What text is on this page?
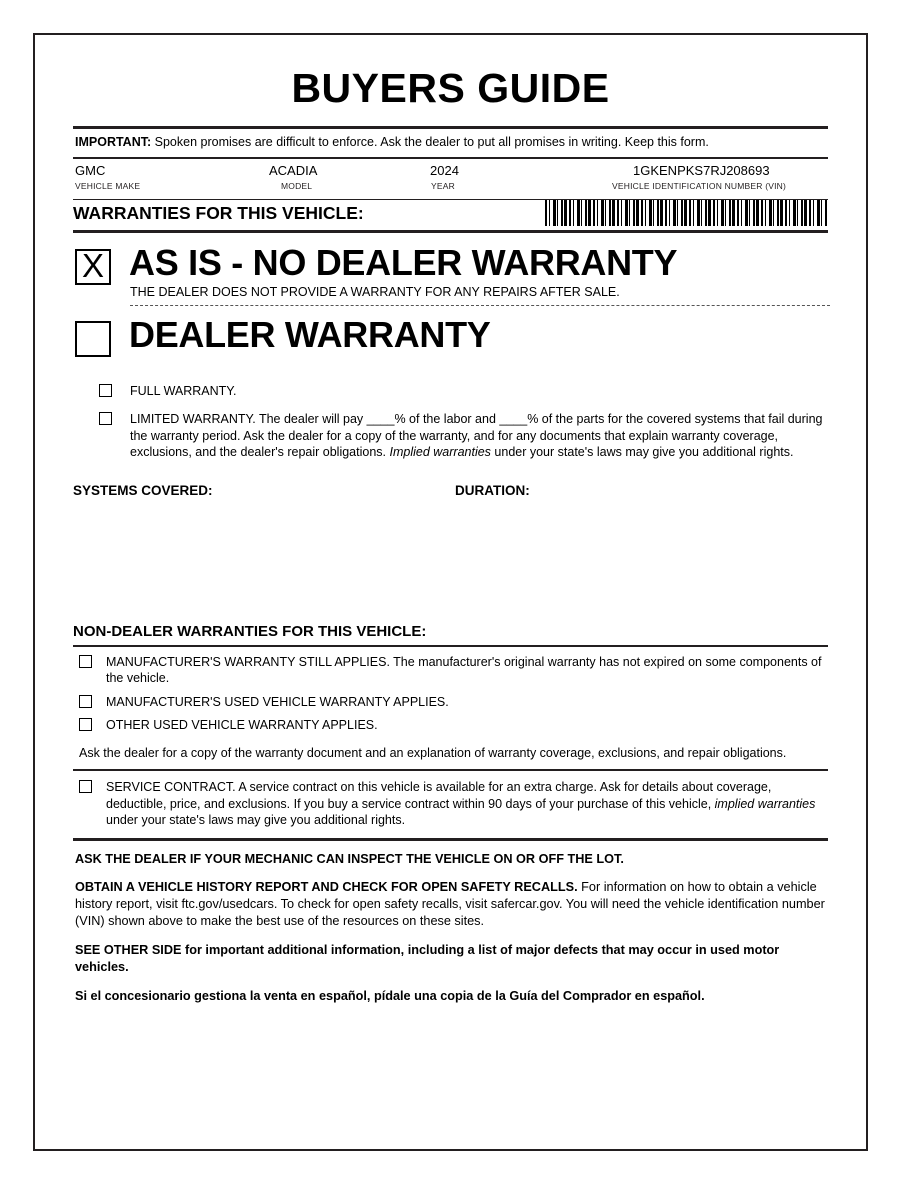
BUYERS GUIDE
IMPORTANT: Spoken promises are difficult to enforce. Ask the dealer to put all promises in writing. Keep this form.
GMC
VEHICLE MAKE
ACADIA
MODEL
2024
YEAR
1GKENPKS7RJ208693
VEHICLE IDENTIFICATION NUMBER (VIN)
WARRANTIES FOR THIS VEHICLE:
X AS IS - NO DEALER WARRANTY
THE DEALER DOES NOT PROVIDE A WARRANTY FOR ANY REPAIRS AFTER SALE.
DEALER WARRANTY
FULL WARRANTY.
LIMITED WARRANTY. The dealer will pay ____% of the labor and ____% of the parts for the covered systems that fail during the warranty period. Ask the dealer for a copy of the warranty, and for any documents that explain warranty coverage, exclusions, and the dealer's repair obligations. Implied warranties under your state's laws may give you additional rights.
SYSTEMS COVERED:	DURATION:
NON-DEALER WARRANTIES FOR THIS VEHICLE:
MANUFACTURER'S WARRANTY STILL APPLIES. The manufacturer's original warranty has not expired on some components of the vehicle.
MANUFACTURER'S USED VEHICLE WARRANTY APPLIES.
OTHER USED VEHICLE WARRANTY APPLIES.
Ask the dealer for a copy of the warranty document and an explanation of warranty coverage, exclusions, and repair obligations.
SERVICE CONTRACT. A service contract on this vehicle is available for an extra charge. Ask for details about coverage, deductible, price, and exclusions. If you buy a service contract within 90 days of your purchase of this vehicle, implied warranties under your state's laws may give you additional rights.
ASK THE DEALER IF YOUR MECHANIC CAN INSPECT THE VEHICLE ON OR OFF THE LOT.
OBTAIN A VEHICLE HISTORY REPORT AND CHECK FOR OPEN SAFETY RECALLS. For information on how to obtain a vehicle history report, visit ftc.gov/usedcars. To check for open safety recalls, visit safercar.gov. You will need the vehicle identification number (VIN) shown above to make the best use of the resources on these sites.
SEE OTHER SIDE for important additional information, including a list of major defects that may occur in used motor vehicles.
Si el concesionario gestiona la venta en español, pídale una copia de la Guía del Comprador en español.
